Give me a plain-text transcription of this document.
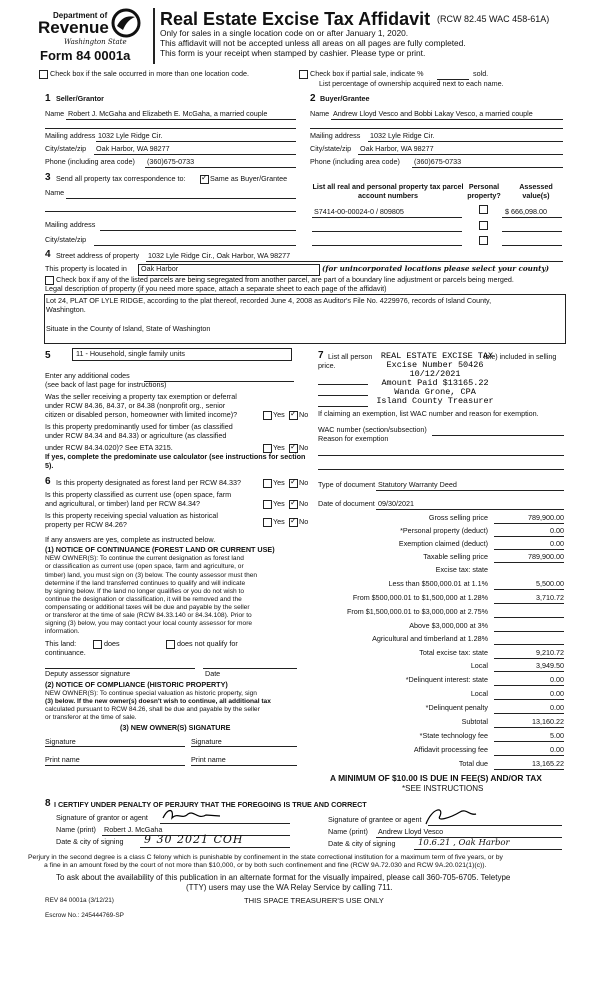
Department of
Revenue
Washington State
Form 84 0001a
Real Estate Excise Tax Affidavit (RCW 82.45 WAC 458-61A)
Only for sales in a single location code on or after January 1, 2020.
This affidavit will not be accepted unless all areas on all pages are fully completed.
This form is your receipt when stamped by cashier. Please type or print.
Check box if the sale occurred in more than one location code.	Check box if partial sale, indicate %	sold.
List percentage of ownership acquired next to each name.
1 Seller/Grantor
Name Robert J. McGaha and Elizabeth E. McGaha, a married couple
Mailing address 1032 Lyle Ridge Cir.
City/state/zip Oak Harbor, WA 98277
Phone (including area code) (360)675-0733
2 Buyer/Grantee
Name Andrew Lloyd Vesco and Bobbi Lakay Vesco, a married couple
Mailing address 1032 Lyle Ridge Cir.
City/state/zip Oak Harbor, WA 98277
Phone (including area code) (360)675-0733
3 Send all property tax correspondence to: ✓	Same as Buyer/Grantee
Name
Mailing address
City/state/zip
List all real and personal property tax parcel account numbers
Personal property?
Assessed value(s)
S7414-00-00024-0 / 809805	$ 666,098.00
4 Street address of property 1032 Lyle Ridge Cir., Oak Harbor, WA 98277
This property is located in Oak Harbor	(for unincorporated locations please select your county)
Check box if any of the listed parcels are being segregated from another parcel, are part of a boundary line adjustment or parcels being merged.
Legal description of property (if you need more space, attach a separate sheet to each page of the affidavit)
Lot 24, PLAT OF LYLE RIDGE, according to the plat thereof, recorded June 4, 2008 as Auditor's File No. 4229976, records of Island County,
Washington.
Situate in the County of Island, State of Washington
5	11 - Household, single family units
Enter any additional codes
(see back of last page for instructions)
Was the seller receiving a property tax exemption or deferral
under RCW 84.36, 84.37, or 84.38 (nonprofit org., senior
citizen or disabled person, homeowner with limited income)?	Yes ✓ No
Is this property predominantly used for timber (as classified
under RCW 84.34 and 84.33) or agriculture (as classified
under RCW 84.34.020)? See ETA 3215.	Yes ✓ No
If yes, complete the predominate use calculator (see instructions for section 5).
6 Is this property designated as forest land per RCW 84.33?	Yes ✓ No
Is this property classified as current use (open space, farm
and agricultural, or timber) land per RCW 84.34?	Yes ✓ No
Is this property receiving special valuation as historical
property per RCW 84.26?	Yes ✓ No
If any answers are yes, complete as instructed below.
(1) NOTICE OF CONTINUANCE (FOREST LAND OR CURRENT USE)
NEW OWNER(S): To continue the current designation as forest land
or classification as current use (open space, farm and agriculture, or
timber) land, you must sign on (3) below. The county assessor must then
determine if the land transferred continues to qualify and will indicate
by signing below. If the land no longer qualifies or you do not wish to
continue the designation or classification, it will be removed and the
compensating or additional taxes will be due and payable by the seller
or transferor at the time of sale (RCW 84.33.140 or 84.34.108). Prior to
signing (3) below, you may contact your local county assessor for more
information.
This land:	does	does not qualify for
continuance.
Deputy assessor signature	Date
(2) NOTICE OF COMPLIANCE (HISTORIC PROPERTY)
NEW OWNER(S): To continue special valuation as historic property, sign
(3) below. If the new owner(s) doesn't wish to continue, all additional tax
calculated pursuant to RCW 84.26, shall be due and payable by the seller
or transferor at the time of sale.
(3) NEW OWNER(S) SIGNATURE
Signature	Signature
Print name	Print name
7 List all person	ible) included in selling
price.
REAL ESTATE EXCISE TAX
Excise Number 50426
10/12/2021
Amount Paid $13165.22
Wanda Grone, CPA
Island County Treasurer
If claiming an exemption, list WAC number and reason for exemption.
WAC number (section/subsection)
Reason for exemption
Type of document Statutory Warranty Deed
Date of document 09/30/2021
Gross selling price	789,900.00
*Personal property (deduct)	0.00
Exemption claimed (deduct)	0.00
Taxable selling price	789,900.00
Excise tax: state
Less than $500,000.01 at 1.1%	5,500.00
From $500,000.01 to $1,500,000 at 1.28%	3,710.72
From $1,500,000.01 to $3,000,000 at 2.75%
Above $3,000,000 at 3%
Agricultural and timberland at 1.28%
Total excise tax: state	9,210.72
Local	3,949.50
*Delinquent interest: state	0.00
Local	0.00
*Delinquent penalty	0.00
Subtotal	13,160.22
*State technology fee	5.00
Affidavit processing fee	0.00
Total due	13,165.22
A MINIMUM OF $10.00 IS DUE IN FEE(S) AND/OR TAX
*SEE INSTRUCTIONS
8 I CERTIFY UNDER PENALTY OF PERJURY THAT THE FOREGOING IS TRUE AND CORRECT
Signature of grantor or agent
Name (print) Robert J. McGaha
Date & city of signing 9 30 2021 COH
Signature of grantee or agent
Name (print) Andrew Lloyd Vesco
Date & city of signing	10.6.21 , Oak Harbor
Perjury in the second degree is a class C felony which is punishable by confinement in the state correctional institution for a maximum term of five years, or by
a fine in an amount fixed by the court of not more than $10,000, or by both such confinement and fine (RCW 9A.72.030 and RCW 9A.20.021(1)(c)).
To ask about the availability of this publication in an alternate format for the visually impaired, please call 360-705-6705. Teletype
(TTY) users may use the WA Relay Service by calling 711.
REV 84 0001a (3/12/21)	THIS SPACE TREASURER'S USE ONLY
Escrow No.: 245444769-SP
